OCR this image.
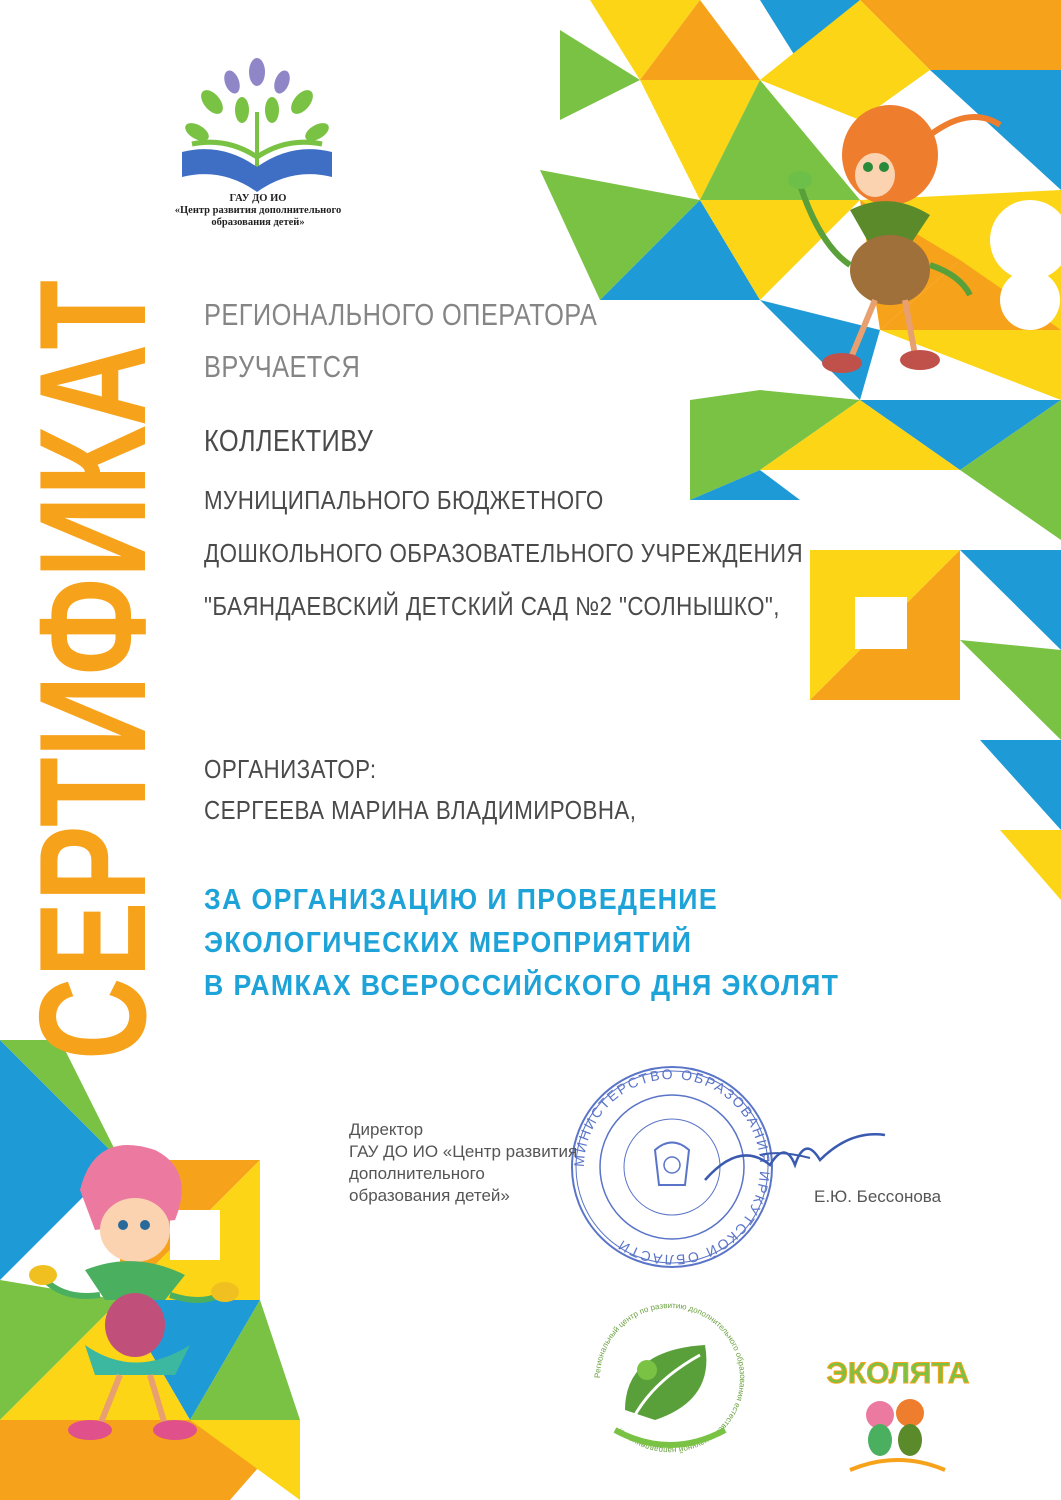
ГАУ ДО ИО
«Центр развития дополнительного
образования детей»
СЕРТИФИКАТ РЕГИОНАЛЬНОГО ОПЕРАТОРА
ВРУЧАЕТСЯ
КОЛЛЕКТИВУ
МУНИЦИПАЛЬНОГО БЮДЖЕТНОГО
ДОШКОЛЬНОГО ОБРАЗОВАТЕЛЬНОГО УЧРЕЖДЕНИЯ
"БАЯНДАЕВСКИЙ ДЕТСКИЙ САД №2 "СОЛНЫШКО",
ОРГАНИЗАТОР:
СЕРГЕЕВА МАРИНА ВЛАДИМИРОВНА,
ЗА ОРГАНИЗАЦИЮ И ПРОВЕДЕНИЕ
ЭКОЛОГИЧЕСКИХ МЕРОПРИЯТИЙ
В РАМКАХ ВСЕРОССИЙСКОГО ДНЯ ЭКОЛЯТ
МИНИСТЕРСТВО ОБРАЗОВАНИЯ ИРКУТСКОЙ ОБЛАСТИ
Директор
ГАУ ДО ИО «Центр развития
дополнительного
образования детей»	Е.Ю. Бессонова
Региональный центр по развитию дополнительного образования естественнонаучной направленности
ЭКОЛЯТА
